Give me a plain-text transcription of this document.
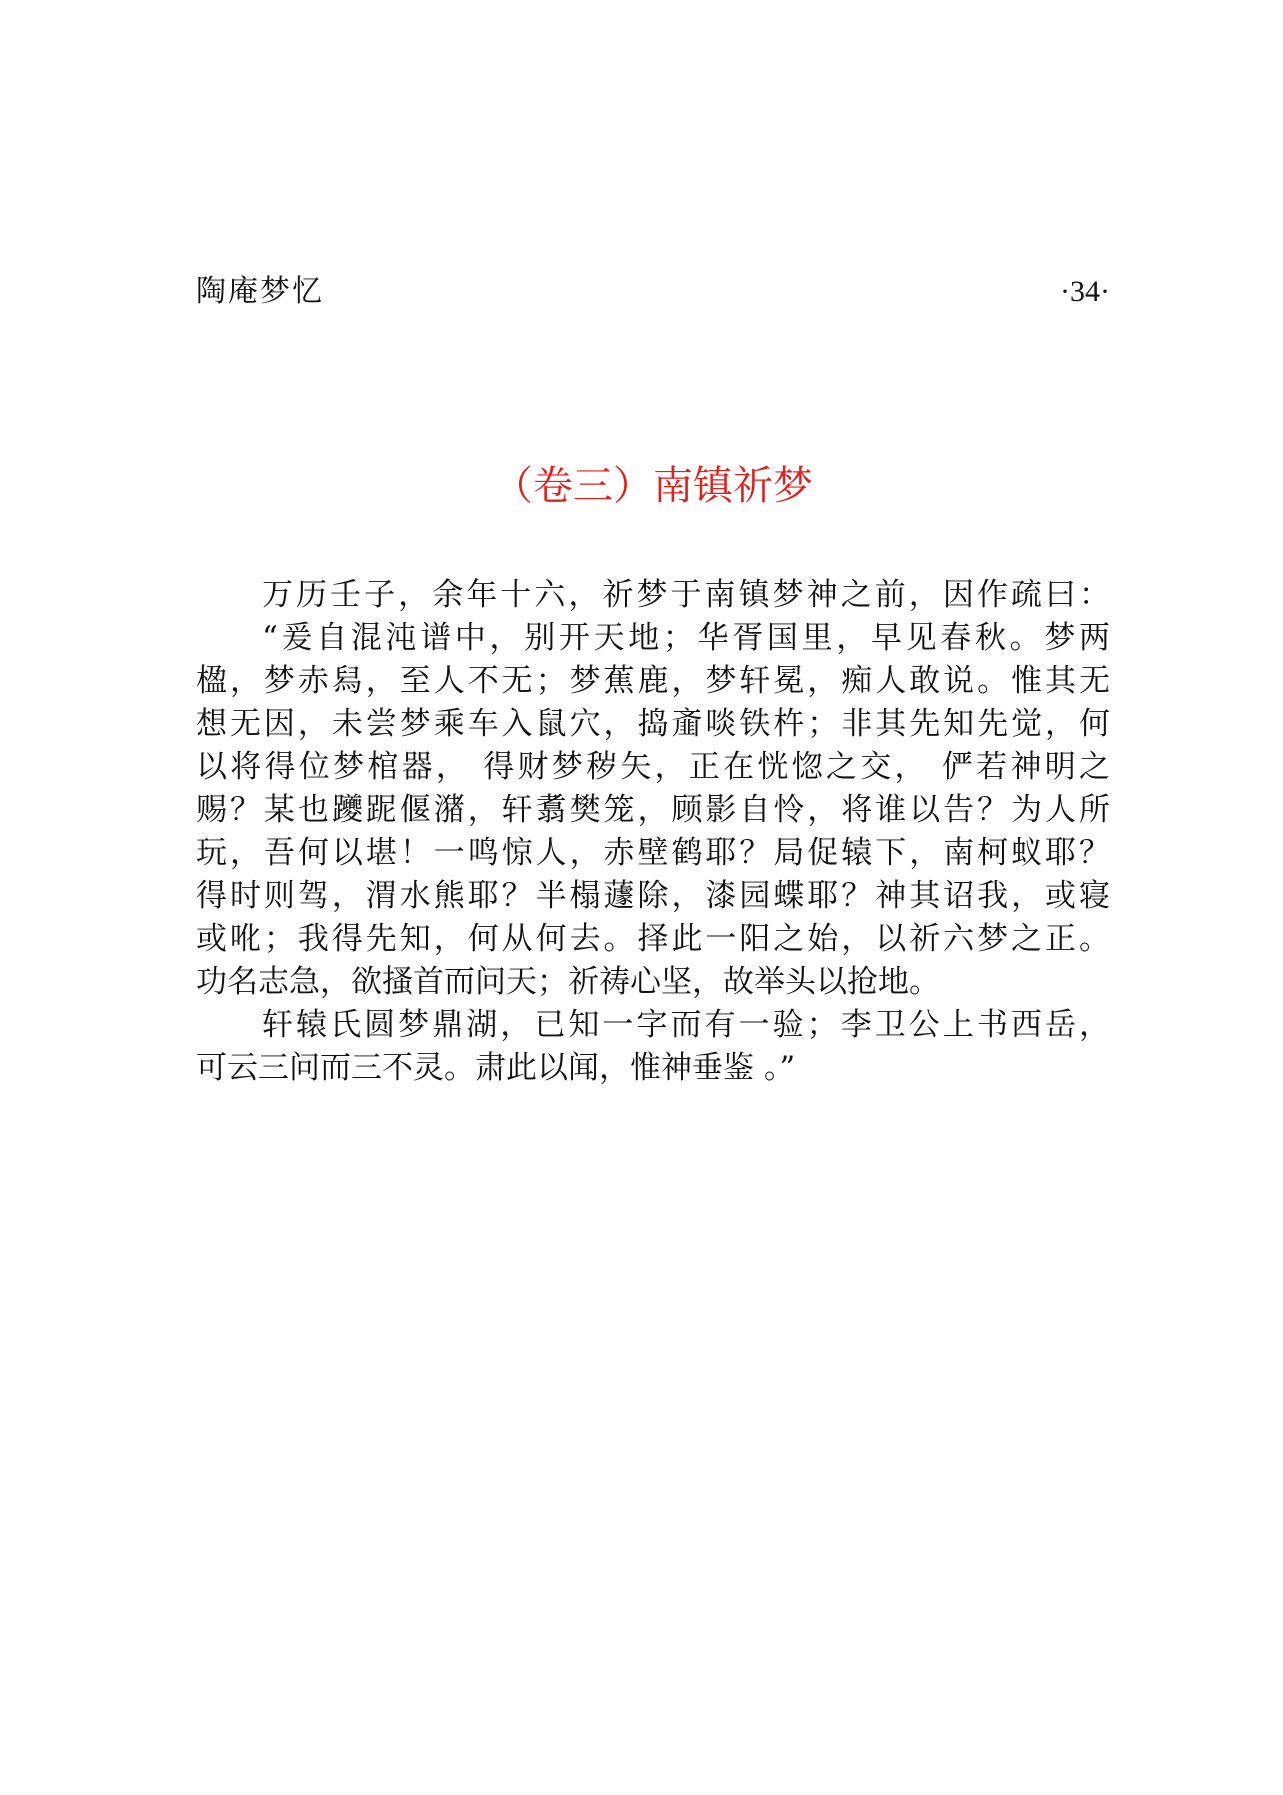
陶庵梦忆	·34·
（卷三）南镇祈梦
万历壬子，余年十六，祈梦于南镇梦神之前，因作疏曰：
“爰自混沌谱中，别开天地；华胥国里，早见春秋。梦两
楹，梦赤舄，至人不无；梦蕉鹿，梦轩冕，痴人敢说。惟其无
想无因，未尝梦乘车入鼠穴，捣齑啖铁杵；非其先知先觉，何
以将得位梦棺器， 得财梦秽矢，正在恍惚之交， 俨若神明之
赐？某也躨跜偃潴，轩翥樊笼，顾影自怜，将谁以告？为人所
玩，吾何以堪！一鸣惊人，赤壁鹤耶？局促辕下，南柯蚁耶？
得时则驾，渭水熊耶？半榻蘧除，漆园蝶耶？神其诏我，或寝
或吪；我得先知，何从何去。择此一阳之始，以祈六梦之正。
功名志急，欲搔首而问天；祈祷心坚，故举头以抢地。
轩辕氏圆梦鼎湖，已知一字而有一验；李卫公上书西岳，
可云三问而三不灵。肃此以闻，惟神垂鉴 。”
